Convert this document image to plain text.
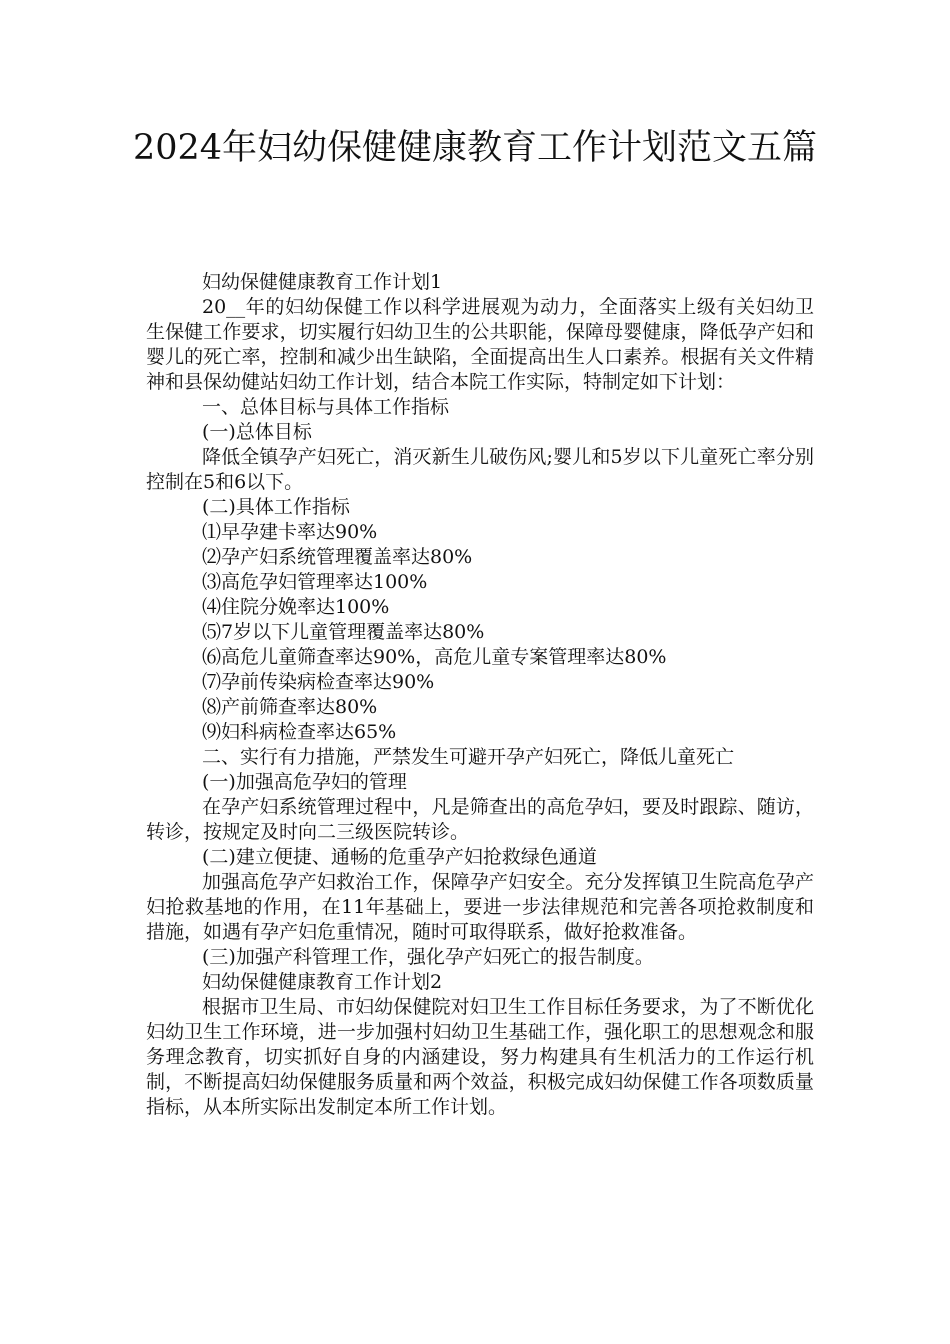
2024年妇幼保健健康教育工作计划范文五篇

妇幼保健健康教育工作计划1

20__年的妇幼保健工作以科学进展观为动力，全面落实上级有关妇幼卫生保健工作要求，切实履行妇幼卫生的公共职能，保障母婴健康，降低孕产妇和婴儿的死亡率，控制和减少出生缺陷，全面提高出生人口素养。根据有关文件精神和县保幼健站妇幼工作计划，结合本院工作实际，特制定如下计划：

一、总体目标与具体工作指标

(一)总体目标

降低全镇孕产妇死亡，消灭新生儿破伤风;婴儿和5岁以下儿童死亡率分别控制在5和6以下。

(二)具体工作指标

⑴早孕建卡率达90%

⑵孕产妇系统管理覆盖率达80%

⑶高危孕妇管理率达100%

⑷住院分娩率达100%

⑸7岁以下儿童管理覆盖率达80%

⑹高危儿童筛查率达90%，高危儿童专案管理率达80%

⑺孕前传染病检查率达90%

⑻产前筛查率达80%

⑼妇科病检查率达65%

二、实行有力措施，严禁发生可避开孕产妇死亡，降低儿童死亡

(一)加强高危孕妇的管理

在孕产妇系统管理过程中，凡是筛查出的高危孕妇，要及时跟踪、随访，转诊，按规定及时向二三级医院转诊。

(二)建立便捷、通畅的危重孕产妇抢救绿色通道

加强高危孕产妇救治工作，保障孕产妇安全。充分发挥镇卫生院高危孕产妇抢救基地的作用，在11年基础上，要进一步法律规范和完善各项抢救制度和措施，如遇有孕产妇危重情况，随时可取得联系，做好抢救准备。

(三)加强产科管理工作，强化孕产妇死亡的报告制度。

妇幼保健健康教育工作计划2

根据市卫生局、市妇幼保健院对妇卫生工作目标任务要求，为了不断优化妇幼卫生工作环境，进一步加强村妇幼卫生基础工作，强化职工的思想观念和服务理念教育，切实抓好自身的内涵建设，努力构建具有生机活力的工作运行机制，不断提高妇幼保健服务质量和两个效益，积极完成妇幼保健工作各项数质量指标，从本所实际出发制定本所工作计划。
